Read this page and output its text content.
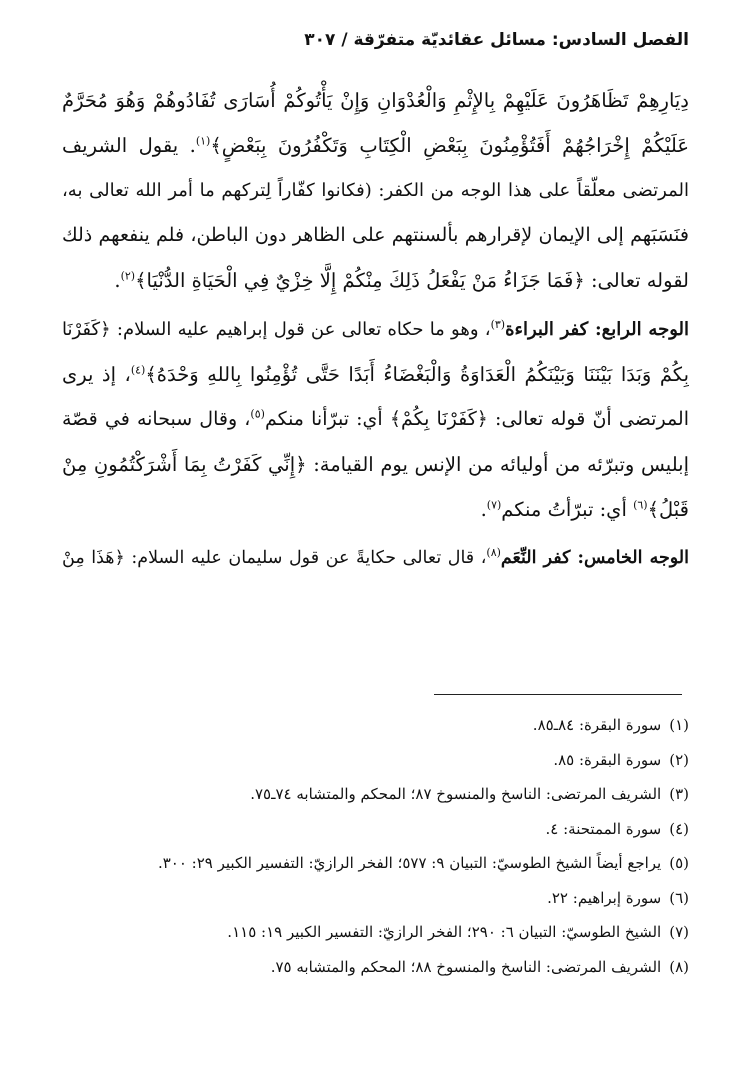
الفصل السادس: مسائل عقائديّة متفرّقة / ٣٠٧
دِيَارِهِمْ تَظَاهَرُونَ عَلَيْهِمْ بِالإِثْمِ وَالْعُدْوَانِ وَإِنْ يَأْتُوكُمْ أُسَارَى تُفَادُوهُمْ وَهُوَ مُحَرَّمٌ
عَلَيْكُمْ إِخْرَاجُهُمْ أَفَتُؤْمِنُونَ بِبَعْضِ الْكِتَابِ وَتَكْفُرُونَ بِبَعْضٍ﴾$^{(١)}$. يقول الشريف
المرتضى معلّقاً على هذا الوجه من الكفر: (فكانوا كفّاراً لِتركهم ما أمر الله تعالى به،
فنَسَبَهم إلى الإيمان لإقرارهم بألسنتهم على الظاهر دون الباطن، فلم ينفعهم ذلك
لقوله تعالى: ﴿فَمَا جَزَاءُ مَنْ يَفْعَلُ ذَلِكَ مِنْكُمْ إِلَّا خِزْيٌ فِي الْحَيَاةِ الدُّنْيَا﴾$^{(٢)}$.
الوجه الرابع: كفر البراءة$^{(٣)}$، وهو ما حكاه تعالى عن قول إبراهيم عليه السلام: ﴿كَفَرْنَا
بِكُمْ وَبَدَا بَيْنَنَا وَبَيْنَكُمُ الْعَدَاوَةُ وَالْبَغْضَاءُ أَبَدًا حَتَّى تُؤْمِنُوا بِاللهِ وَحْدَهُ﴾$^{(٤)}$، إذ يرى
المرتضى أنّ قوله تعالى: ﴿كَفَرْنَا بِكُمْ﴾ أي: تبرّأنا منكم$^{(٥)}$، وقال سبحانه في قصّة
إبليس وتبرّئه من أوليائه من الإنس يوم القيامة: ﴿إِنِّي كَفَرْتُ بِمَا أَشْرَكْتُمُونِ مِنْ
قَبْلُ﴾$^{(٦)}$ أي: تبرّأتُ منكم$^{(٧)}$.
الوجه الخامس: كفر النِّعَم$^{(٨)}$، قال تعالى حكايةً عن قول سليمان عليه السلام: ﴿هَذَا مِنْ
(١)سورة البقرة: ٨٤ـ٨٥.
(٢)سورة البقرة: ٨٥.
(٣)الشريف المرتضى: الناسخ والمنسوخ ٨٧؛ المحكم والمتشابه ٧٤ـ٧٥.
(٤)سورة الممتحنة: ٤.
(٥)يراجع أيضاً الشيخ الطوسيّ: التبيان ٩: ٥٧٧؛ الفخر الرازيّ: التفسير الكبير ٢٩: ٣٠٠.
(٦)سورة إبراهيم: ٢٢.
(٧)الشيخ الطوسيّ: التبيان ٦: ٢٩٠؛ الفخر الرازيّ: التفسير الكبير ١٩: ١١٥.
(٨)الشريف المرتضى: الناسخ والمنسوخ ٨٨؛ المحكم والمتشابه ٧٥.
